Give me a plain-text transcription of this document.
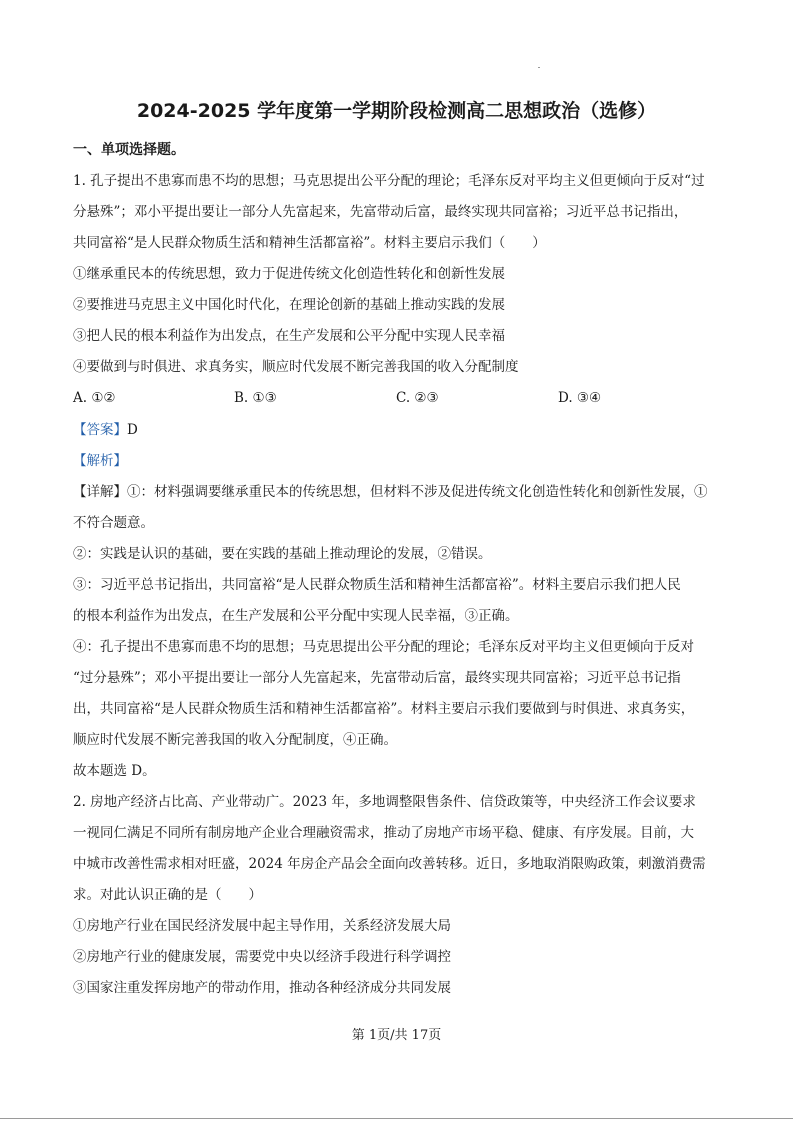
2024-2025 学年度第一学期阶段检测高二思想政治（选修）
一、单项选择题。
1. 孔子提出不患寡而患不均的思想；马克思提出公平分配的理论；毛泽东反对平均主义但更倾向于反对“过
分悬殊”；邓小平提出要让一部分人先富起来，先富带动后富，最终实现共同富裕；习近平总书记指出，
共同富裕“是人民群众物质生活和精神生活都富裕”。材料主要启示我们（　　）
①继承重民本的传统思想，致力于促进传统文化创造性转化和创新性发展
②要推进马克思主义中国化时代化，在理论创新的基础上推动实践的发展
③把人民的根本利益作为出发点，在生产发展和公平分配中实现人民幸福
④要做到与时俱进、求真务实，顺应时代发展不断完善我国的收入分配制度
A. ①②	B. ①③	C. ②③	D. ③④
【答案】D
【解析】
【详解】①：材料强调要继承重民本的传统思想，但材料不涉及促进传统文化创造性转化和创新性发展，①
不符合题意。
②：实践是认识的基础，要在实践的基础上推动理论的发展，②错误。
③：习近平总书记指出，共同富裕“是人民群众物质生活和精神生活都富裕”。材料主要启示我们把人民
的根本利益作为出发点，在生产发展和公平分配中实现人民幸福，③正确。
④：孔子提出不患寡而患不均的思想；马克思提出公平分配的理论；毛泽东反对平均主义但更倾向于反对
“过分悬殊”；邓小平提出要让一部分人先富起来，先富带动后富，最终实现共同富裕；习近平总书记指
出，共同富裕“是人民群众物质生活和精神生活都富裕”。材料主要启示我们要做到与时俱进、求真务实，
顺应时代发展不断完善我国的收入分配制度，④正确。
故本题选 D。
2. 房地产经济占比高、产业带动广。2023 年，多地调整限售条件、信贷政策等，中央经济工作会议要求
一视同仁满足不同所有制房地产企业合理融资需求，推动了房地产市场平稳、健康、有序发展。目前，大
中城市改善性需求相对旺盛，2024 年房企产品会全面向改善转移。近日，多地取消限购政策，刺激消费需
求。对此认识正确的是（　　）
①房地产行业在国民经济发展中起主导作用，关系经济发展大局
②房地产行业的健康发展，需要党中央以经济手段进行科学调控
③国家注重发挥房地产的带动作用，推动各种经济成分共同发展
第 1页/共 17页
